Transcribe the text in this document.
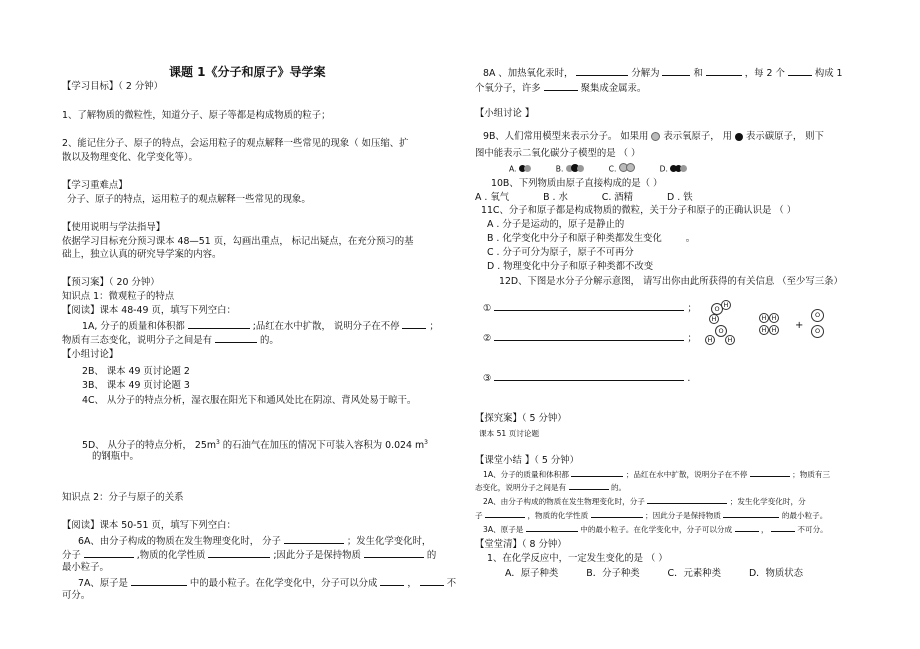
课题 1《分子和原子》导学案
【学习目标】（ 2 分钟）
1、了解物质的微粒性，知道分子、原子等都是构成物质的粒子；
2、能记住分子、原子的特点，会运用粒子的观点解释一些常见的现象（ 如压缩、扩
散以及物理变化、化学变化等）。
【学习重难点】
分子、原子的特点，运用粒子的观点解释一些常见的现象。
【使用说明与学法指导】
依据学习目标充分预习课本 48—51 页，勾画出重点， 标记出疑点，在充分预习的基
础上，独立认真的研究导学案的内容。
【预习案】（ 20 分钟）
知识点 1：微观粒子的特点
【阅读】课本 48-49 页，填写下列空白：
1A, 分子的质量和体积都	;品红在水中扩散， 说明分子在不停	；
物质有三态变化，说明分子之间是有	的。
【小组讨论】
2B、 课本 49 页讨论题 2
3B、 课本 49 页讨论题 3
4C、 从分子的特点分析，湿衣服在阳光下和通风处比在阴凉、背风处易于晾干。
5D、 从分子的特点分析， $25m^3$ 的石油气在加压的情况下可装入容积为 0.024 $m^3$
的钢瓶中。
知识点 2：分子与原子的关系
【阅读】课本 50-51 页，填写下列空白：
6A、由分子构成的物质在发生物理变化时， 分子	；发生化学变化时，
分子	,物质的化学性质	;因此分子是保持物质	的
最小粒子。
7A、原子是	中的最小粒子。在化学变化中，分子可以分成	，	不
可分。
8A 、加热氧化汞时，	分解为	和	，每 2 个	构成 1
个氧分子，许多	聚集成金属汞。
【小组讨论 】
9B、人们常用模型来表示分子。 如果用 表示氧原子， 用 表示碳原子， 则下
图中能表示二氧化碳分子模型的是 （ ）
A.	B.	C.	D.
10B、下列物质由原子直接构成的是（ ）
A . 氧气	B . 水	C. 酒精	D . 铁
11C、分子和原子都是构成物质的微粒，关于分子和原子的正确认识是 （ ）
A . 分子是运动的，原子是静止的
B . 化学变化中分子和原子种类都发生变化	。
C . 分子可分为原子，原子不可再分
D . 物理变化中分子和原子种类都不改变
12D、下图是水分子分解示意图， 请写出你由此所获得的有关信息 （至少写三条）
①	；
②	；
③	.
O H
H
O
H	H
H H
H H +
O
O
【探究案】（ 5 分钟）
课本 51 页讨论题
【课堂小结 】（ 5 分钟）
1A、分子的质量和体积都	；品红在水中扩散，说明分子在不停	；物质有三
态变化，说明分子之间是有	的。
2A、由分子构成的物质在发生物理变化时，分子	；发生化学变化时，分
子	，物质的化学性质	；因此分子是保持物质	的最小粒子。
3A、原子是	中的最小粒子。在化学变化中，分子可以分成	，	不可分。
【堂堂清】（ 8 分钟）
1、在化学反应中，一定发生变化的是 （ ）
A．原子种类	B．分子种类	C．元素种类	D．物质状态
